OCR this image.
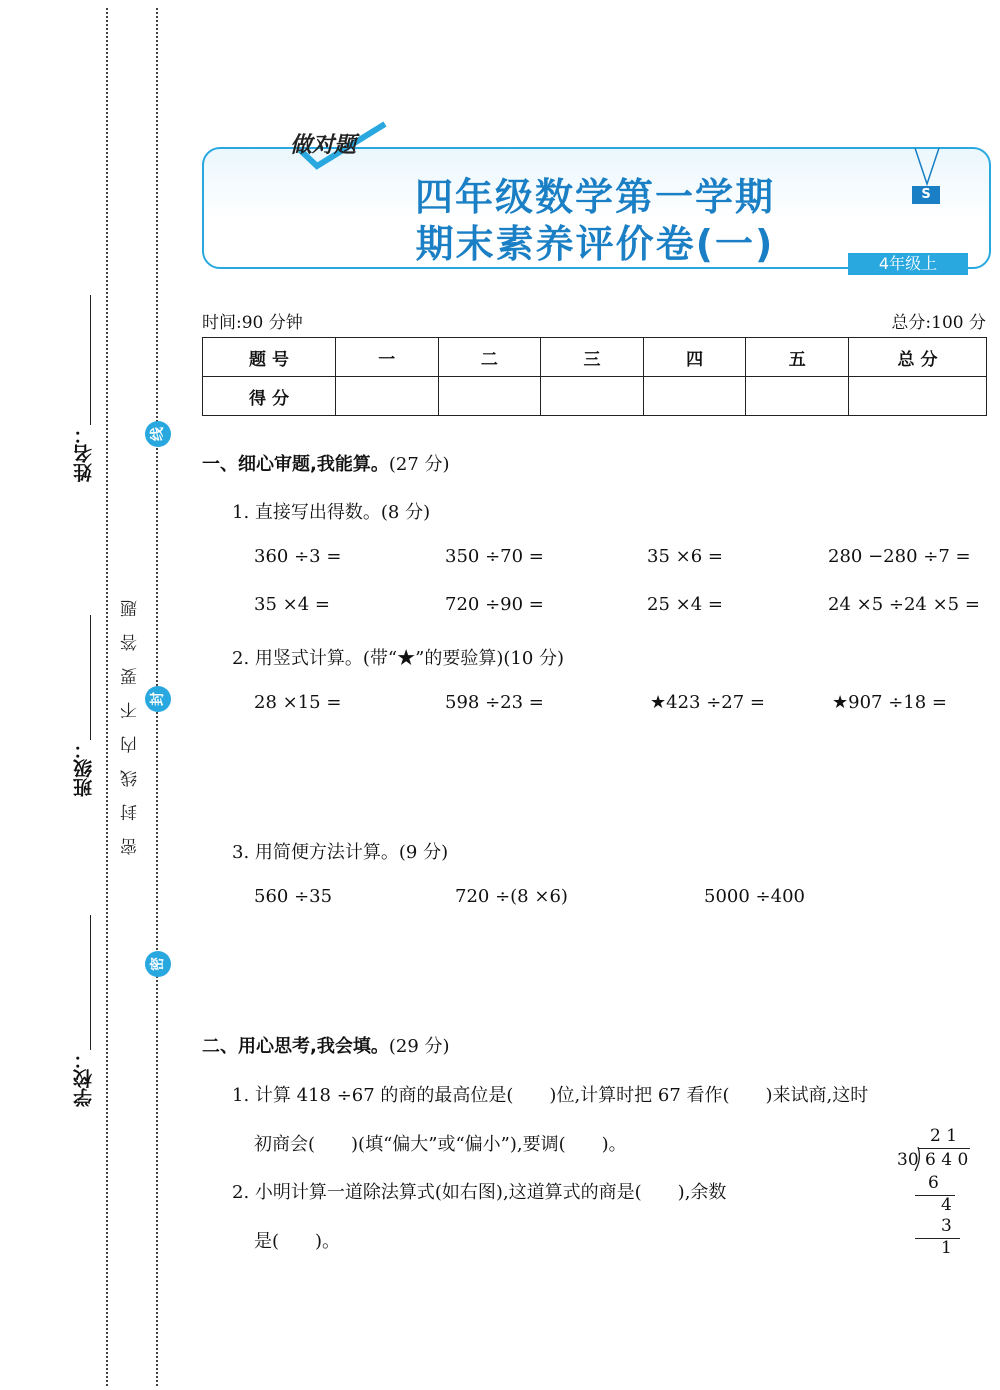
姓名：
班级：
学校：
线
封
密
密封线内不要答题
做对题
四年级数学第一学期
期末素养评价卷(一)
S
4年级上
时间:90 分钟	总分:100 分
题 号	一	二	三	四	五	总 分
得 分						
一、细心审题,我能算。(27 分)
1. 直接写出得数。(8 分)
360 ÷3 =	350 ÷70 =	35 ×6 =	280 −280 ÷7 =
35 ×4 =	720 ÷90 =	25 ×4 =	24 ×5 ÷24 ×5 =
2. 用竖式计算。(带“★”的要验算)(10 分)
28 ×15 =	598 ÷23 =	★423 ÷27 =	★907 ÷18 =
3. 用简便方法计算。(9 分)
560 ÷35	720 ÷(8 ×6)	5000 ÷400
二、用心思考,我会填。(29 分)
1. 计算 418 ÷67 的商的最高位是(　　)位,计算时把 67 看作(　　)来试商,这时
初商会(　　)(填“偏大”或“偏小”),要调(　　)。
2. 小明计算一道除法算式(如右图),这道算式的商是(　　),余数
是(　　)。
2 1
30 6 4 0
6
4
3
1
